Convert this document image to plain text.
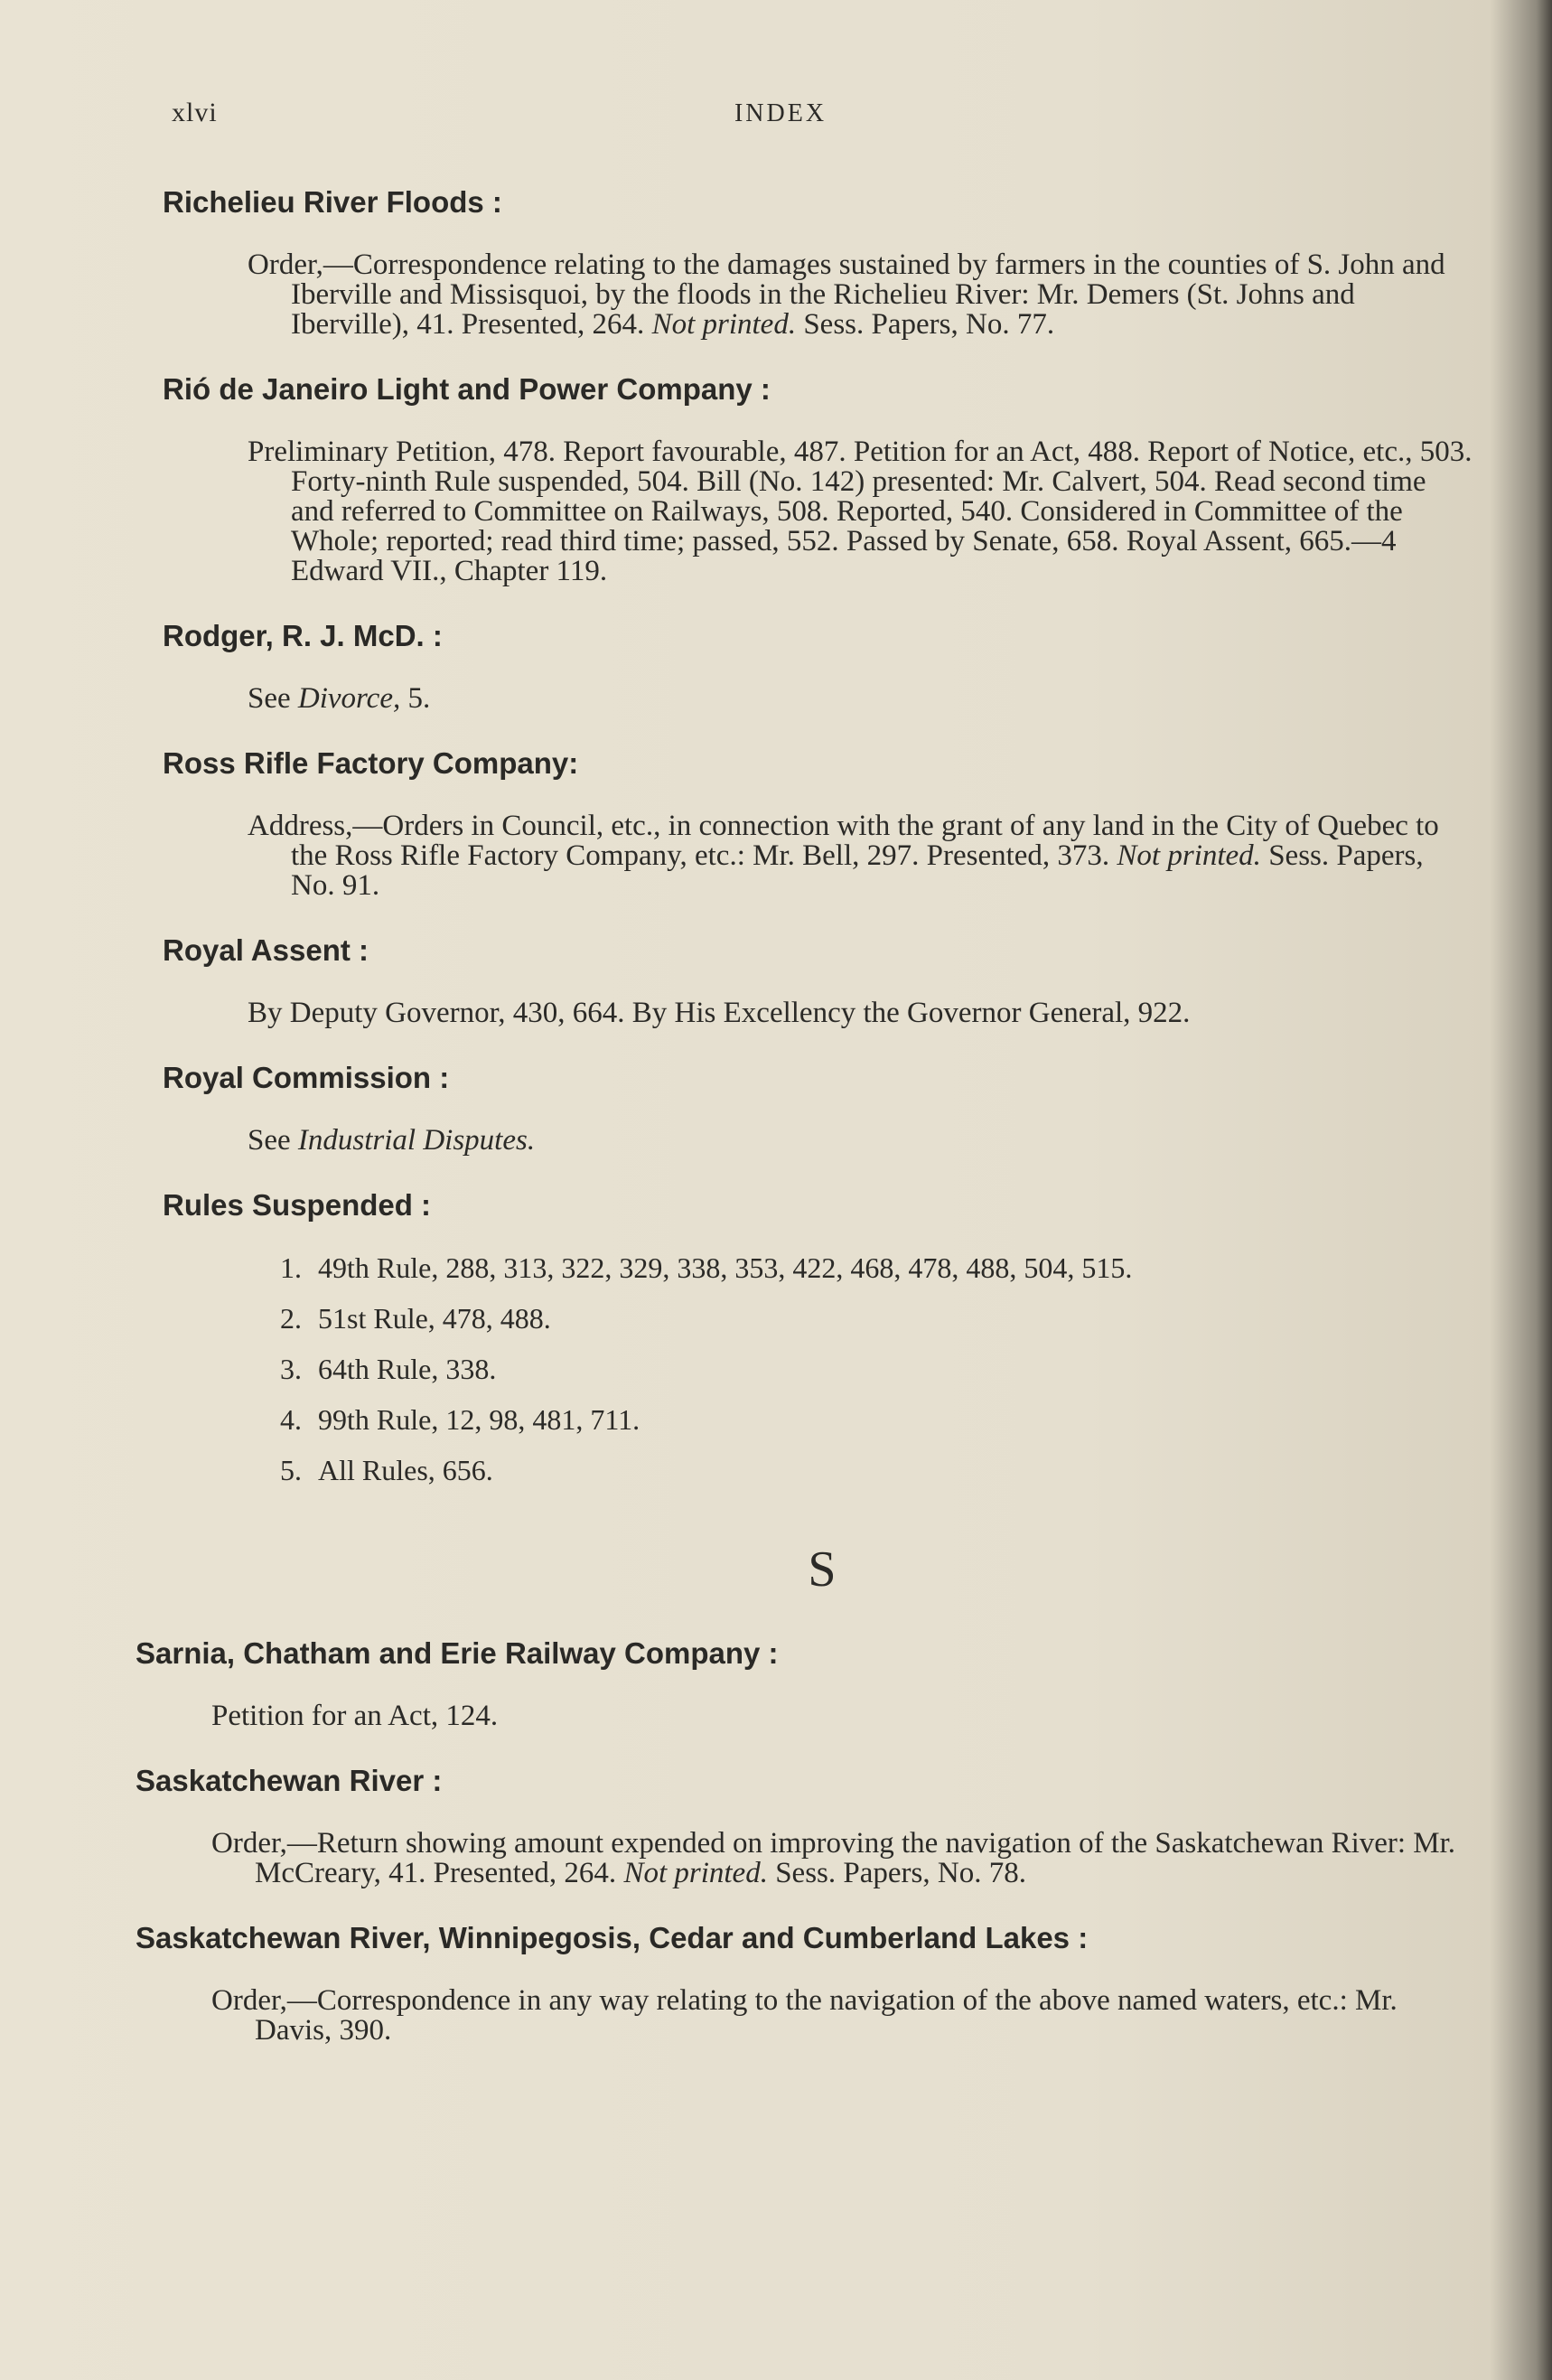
xlvi	INDEX
Richelieu River Floods :
Order,—Correspondence relating to the damages sustained by farmers in the counties of S. John and Iberville and Missisquoi, by the floods in the Richelieu River: Mr. Demers (St. Johns and Iberville), 41. Presented, 264. Not printed. Sess. Papers, No. 77.
Rió de Janeiro Light and Power Company :
Preliminary Petition, 478. Report favourable, 487. Petition for an Act, 488. Report of Notice, etc., 503. Forty-ninth Rule suspended, 504. Bill (No. 142) presented: Mr. Calvert, 504. Read second time and referred to Committee on Railways, 508. Reported, 540. Considered in Committee of the Whole; reported; read third time; passed, 552. Passed by Senate, 658. Royal Assent, 665.—4 Edward VII., Chapter 119.
Rodger, R. J. McD. :
See Divorce, 5.
Ross Rifle Factory Company:
Address,—Orders in Council, etc., in connection with the grant of any land in the City of Quebec to the Ross Rifle Factory Company, etc.: Mr. Bell, 297. Presented, 373. Not printed. Sess. Papers, No. 91.
Royal Assent :
By Deputy Governor, 430, 664. By His Excellency the Governor General, 922.
Royal Commission :
See Industrial Disputes.
Rules Suspended :
1. 49th Rule, 288, 313, 322, 329, 338, 353, 422, 468, 478, 488, 504, 515.
2. 51st Rule, 478, 488.
3. 64th Rule, 338.
4. 99th Rule, 12, 98, 481, 711.
5. All Rules, 656.
S
Sarnia, Chatham and Erie Railway Company :
Petition for an Act, 124.
Saskatchewan River :
Order,—Return showing amount expended on improving the navigation of the Saskatchewan River: Mr. McCreary, 41. Presented, 264. Not printed. Sess. Papers, No. 78.
Saskatchewan River, Winnipegosis, Cedar and Cumberland Lakes :
Order,—Correspondence in any way relating to the navigation of the above named waters, etc.: Mr. Davis, 390.
